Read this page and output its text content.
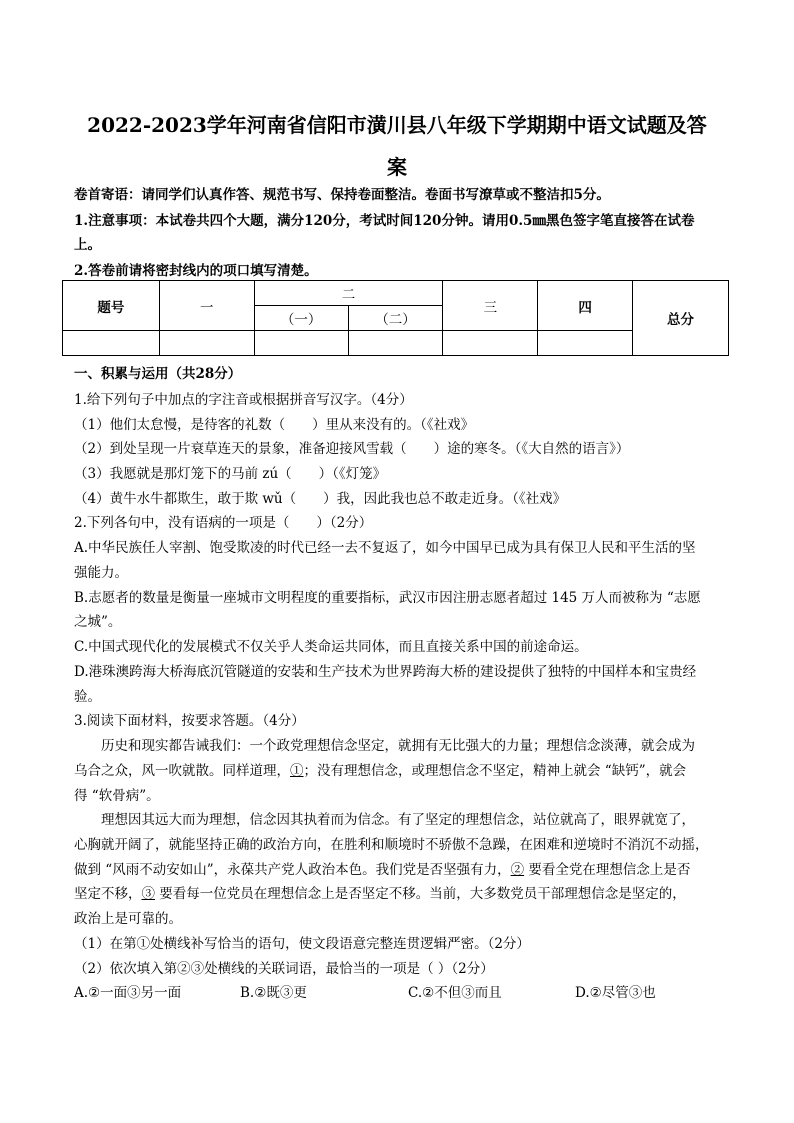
2022-2023学年河南省信阳市潢川县八年级下学期期中语文试题及答
案
卷首寄语：请同学们认真作答、规范书写、保持卷面整洁。卷面书写潦草或不整洁扣5分。
1.注意事项：本试卷共四个大题，满分120分，考试时间120分钟。请用0.5㎜黑色签字笔直接答在试卷
上。
2.答卷前请将密封线内的项口填写清楚。
题号	一	二		三	四	总分
		（一）	（二）			

一、积累与运用（共28分）
1.给下列句子中加点的字注音或根据拼音写汉字。（4分）
（1）他们太怠慢，是待客的礼数（　　）里从来没有的。（《社戏》
（2）到处呈现一片衰草连天的景象，准备迎接风雪载（　　）途的寒冬。（《大自然的语言》）
（3）我愿就是那灯笼下的马前 zú（　　）（《灯笼》
（4）黄牛水牛都欺生，敢于欺 wǔ（　　）我，因此我也总不敢走近身。（《社戏》
2.下列各句中，没有语病的一项是（　　）（2分）
A.中华民族任人宰割、饱受欺凌的时代已经一去不复返了，如今中国早已成为具有保卫人民和平生活的坚
强能力。
B.志愿者的数量是衡量一座城市文明程度的重要指标，武汉市因注册志愿者超过 145 万人而被称为 “志愿
之城”。
C.中国式现代化的发展模式不仅关乎人类命运共同体，而且直接关系中国的前途命运。
D.港珠澳跨海大桥海底沉管隧道的安装和生产技术为世界跨海大桥的建设提供了独特的中国样本和宝贵经
验。
3.阅读下面材料，按要求答题。（4分）
历史和现实都告诫我们：一个政党理想信念坚定，就拥有无比强大的力量；理想信念淡薄，就会成为
乌合之众，风一吹就散。同样道理，①；没有理想信念，或理想信念不坚定，精神上就会 “缺钙”，就会
得 “软骨病”。
理想因其远大而为理想，信念因其执着而为信念。有了坚定的理想信念，站位就高了，眼界就宽了，
心胸就开阔了，就能坚持正确的政治方向，在胜利和顺境时不骄傲不急躁，在困难和逆境时不消沉不动摇，
做到 “风雨不动安如山”，永葆共产党人政治本色。我们党是否坚强有力，② 要看全党在理想信念上是否
坚定不移，③ 要看每一位党员在理想信念上是否坚定不移。当前，大多数党员干部理想信念是坚定的，
政治上是可靠的。
（1）在第①处横线补写恰当的语句，使文段语意完整连贯逻辑严密。（2分）
（2）依次填入第②③处横线的关联词语，最恰当的一项是（ ）（2分）
A.②一面③另一面	B.②既③更	C.②不但③而且	D.②尽管③也
